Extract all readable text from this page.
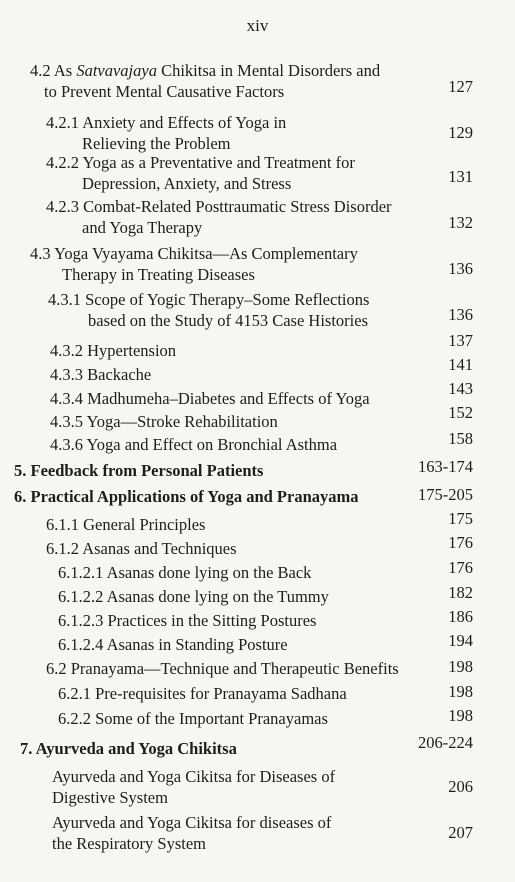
xiv
4.2 As Satvavajaya Chikitsa in Mental Disorders and
to Prevent Mental Causative Factors	127
4.2.1 Anxiety and Effects of Yoga in
Relieving the Problem
129
4.2.2 Yoga as a Preventative and Treatment for
Depression, Anxiety, and Stress	131
4.2.3 Combat-Related Posttraumatic Stress Disorder
and Yoga Therapy	132
4.3 Yoga Vyayama Chikitsa—As Complementary
Therapy in Treating Diseases	136
4.3.1 Scope of Yogic Therapy–Some Reflections
based on the Study of 4153 Case Histories	136
4.3.2 Hypertension
137
4.3.3 Backache
141
4.3.4 Madhumeha–Diabetes and Effects of Yoga
143
4.3.5 Yoga—Stroke Rehabilitation	152
4.3.6 Yoga and Effect on Bronchial Asthma	158
5. Feedback from Personal Patients	163-174
6. Practical Applications of Yoga and Pranayama	175-205
6.1.1 General Principles	175
6.1.2 Asanas and Techniques	176
6.1.2.1 Asanas done lying on the Back	176
6.1.2.2 Asanas done lying on the Tummy	182
6.1.2.3 Practices in the Sitting Postures	186
6.1.2.4 Asanas in Standing Posture	194
6.2 Pranayama—Technique and Therapeutic Benefits	198
6.2.1 Pre-requisites for Pranayama Sadhana	198
6.2.2 Some of the Important Pranayamas	198
7. Ayurveda and Yoga Chikitsa	206-224
Ayurveda and Yoga Cikitsa for Diseases of
Digestive System
206
Ayurveda and Yoga Cikitsa for diseases of
the Respiratory System
207
